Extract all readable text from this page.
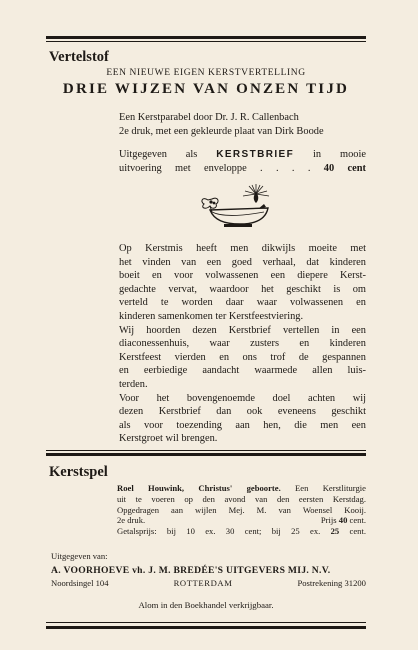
Vertelstof
EEN NIEUWE EIGEN KERSTVERTELLING
DRIE WIJZEN VAN ONZEN TIJD
Een Kerstparabel door Dr. J. R. Callenbach
2e druk, met een gekleurde plaat van Dirk Boode
Uitgegeven als KERSTBRIEF in mooie
uitvoering met enveloppe . . . . 40 cent
Op Kerstmis heeft men dikwijls moeite met
het vinden van een goed verhaal, dat kinderen
boeit en voor volwassenen een diepere Kerst-
gedachte vervat, waardoor het geschikt is om
verteld te worden daar waar volwassenen en
kinderen samenkomen ter Kerstfeestviering.
Wij hoorden dezen Kerstbrief vertellen in een
diaconessenhuis, waar zusters en kinderen
Kerstfeest vierden en ons trof de gespannen
en eerbiedige aandacht waarmede allen luis-
terden.
Voor het bovengenoemde doel achten wij
dezen Kerstbrief dan ook eveneens geschikt
als voor toezending aan hen, die men een
Kerstgroet wil brengen.
Kerstspel
Roel Houwink, Christus' geboorte. Een Kerstliturgie
uit te voeren op den avond van den eersten Kerstdag.
Opgedragen aan wijlen Mej. M. van Woensel Kooij.
2e druk.	Prijs 40 cent.
Getalsprijs: bij 10 ex. 30 cent; bij 25 ex. 25 cent.
Uitgegeven van:
A. VOORHOEVE vh. J. M. BREDÉE'S UITGEVERS MIJ. N.V.
Noordsingel 104	ROTTERDAM	Postrekening 31200
Alom in den Boekhandel verkrijgbaar.
